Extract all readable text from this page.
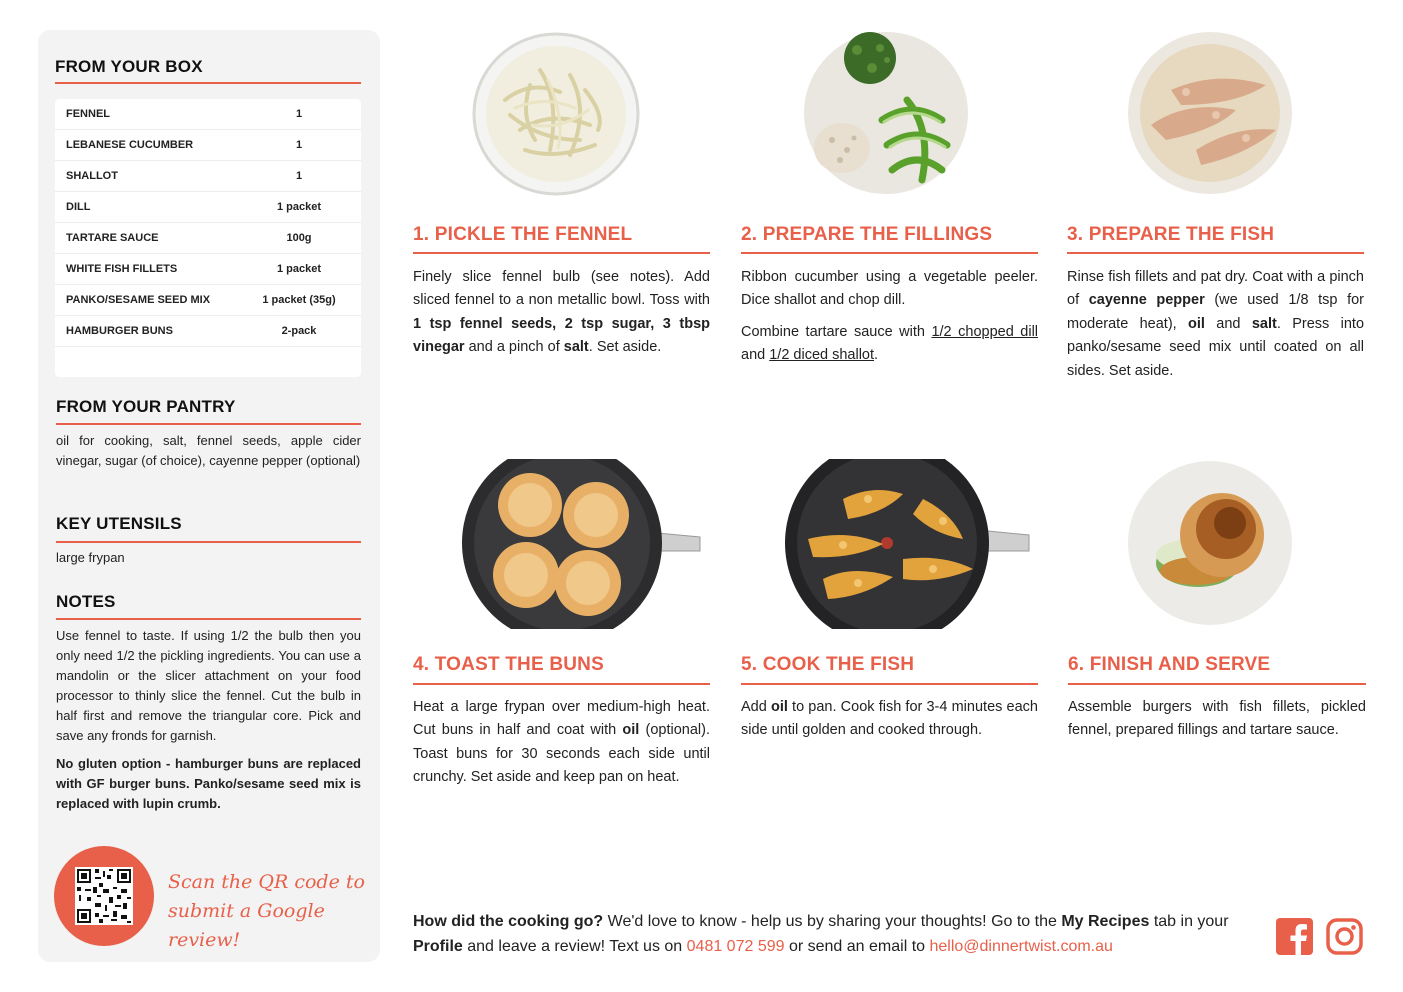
FROM YOUR BOX
FENNEL	1
LEBANESE CUCUMBER	1
SHALLOT	1
DILL	1 packet
TARTARE SAUCE	100g
WHITE FISH FILLETS	1 packet
PANKO/SESAME SEED MIX	1 packet (35g)
HAMBURGER BUNS	2-pack
FROM YOUR PANTRY
oil for cooking, salt, fennel seeds, apple cider vinegar, sugar (of choice), cayenne pepper (optional)
KEY UTENSILS
large frypan
NOTES
Use fennel to taste. If using 1/2 the bulb then you only need 1/2 the pickling ingredients. You can use a mandolin or the slicer attachment on your food processor to thinly slice the fennel. Cut the bulb in half first and remove the triangular core. Pick and save any fronds for garnish.
No gluten option - hamburger buns are replaced with GF burger buns. Panko/sesame seed mix is replaced with lupin crumb.
Scan the QR code to
submit a Google review!
1. PICKLE THE FENNEL
Finely slice fennel bulb (see notes). Add sliced fennel to a non metallic bowl. Toss with 1 tsp fennel seeds, 2 tsp sugar, 3 tbsp vinegar and a pinch of salt. Set aside.
2. PREPARE THE FILLINGS
Ribbon cucumber using a vegetable peeler. Dice shallot and chop dill.
Combine tartare sauce with 1/2 chopped dill and 1/2 diced shallot.
3. PREPARE THE FISH
Rinse fish fillets and pat dry. Coat with a pinch of cayenne pepper (we used 1/8 tsp for moderate heat), oil and salt. Press into panko/sesame seed mix until coated on all sides. Set aside.
4. TOAST THE BUNS
Heat a large frypan over medium-high heat. Cut buns in half and coat with oil (optional). Toast buns for 30 seconds each side until crunchy. Set aside and keep pan on heat.
5. COOK THE FISH
Add oil to pan. Cook fish for 3-4 minutes each side until golden and cooked through.
6. FINISH AND SERVE
Assemble burgers with fish fillets, pickled fennel, prepared fillings and tartare sauce.
How did the cooking go? We'd love to know - help us by sharing your thoughts! Go to the My Recipes tab in your Profile and leave a review! Text us on 0481 072 599 or send an email to hello@dinnertwist.com.au
